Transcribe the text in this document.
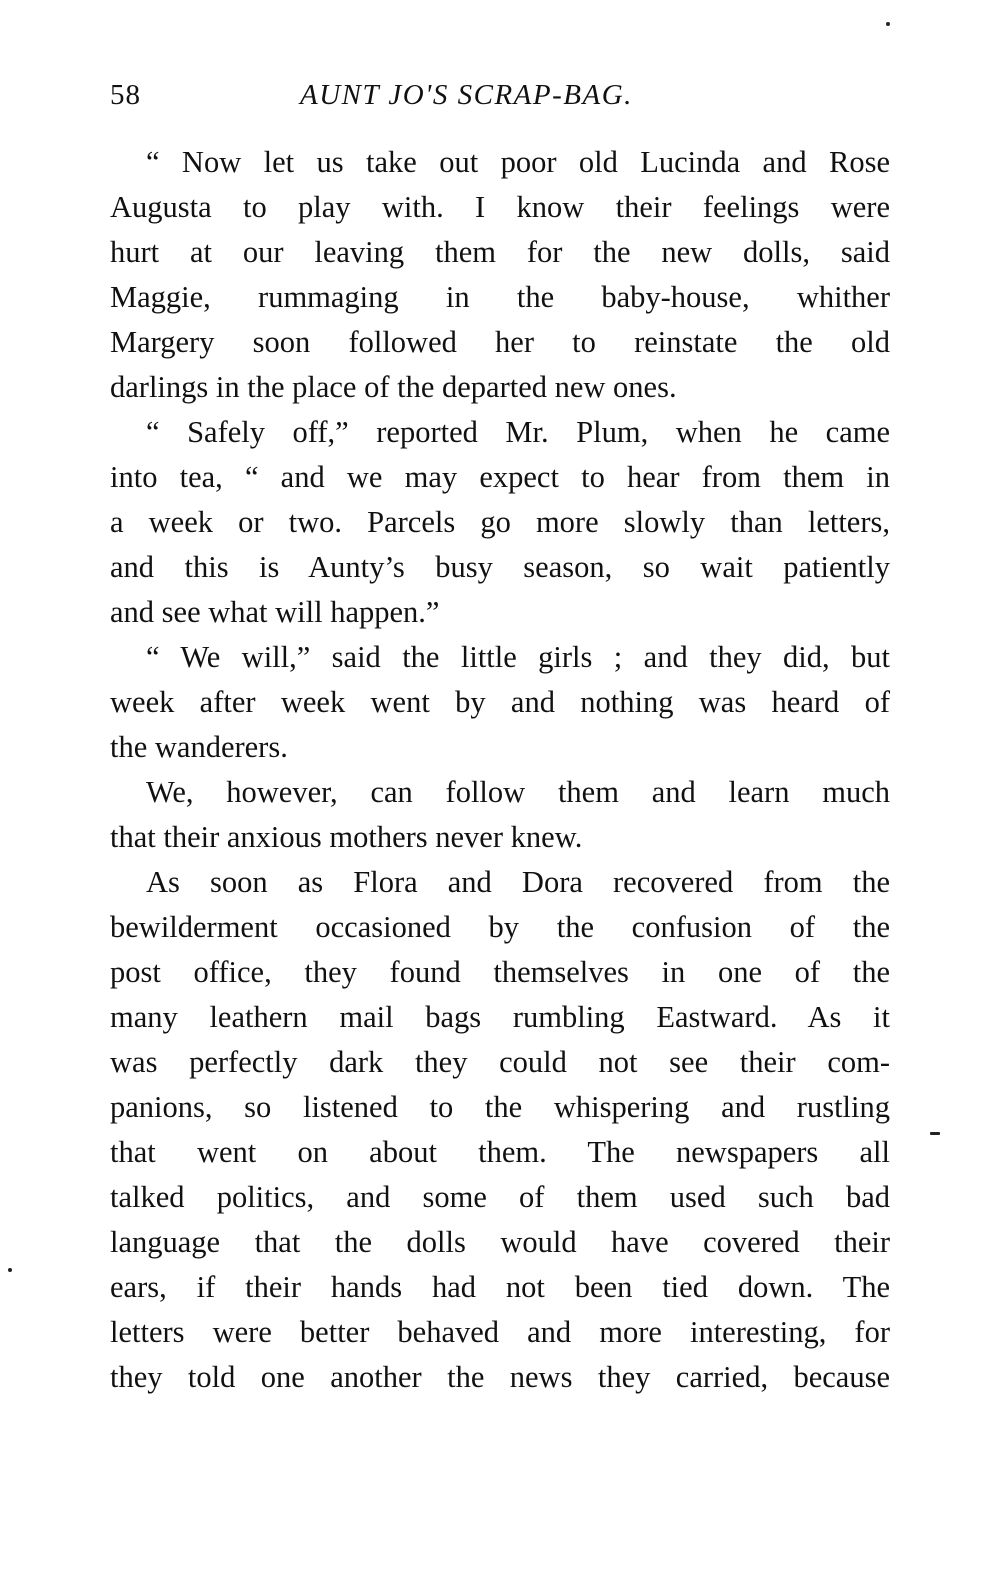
58	AUNT JO'S SCRAP-BAG.
“ Now let us take out poor old Lucinda and Rose
Augusta to play with. I know their feelings were
hurt at our leaving them for the new dolls, said
Maggie, rummaging in the baby-house, whither
Margery soon followed her to reinstate the old
darlings in the place of the departed new ones.
“ Safely off,” reported Mr. Plum, when he came
into tea, “ and we may expect to hear from them in
a week or two. Parcels go more slowly than letters,
and this is Aunty’s busy season, so wait patiently
and see what will happen.”
“ We will,” said the little girls ; and they did, but
week after week went by and nothing was heard of
the wanderers.
We, however, can follow them and learn much
that their anxious mothers never knew.
As soon as Flora and Dora recovered from the
bewilderment occasioned by the confusion of the
post office, they found themselves in one of the
many leathern mail bags rumbling Eastward. As it
was perfectly dark they could not see their com-
panions, so listened to the whispering and rustling
that went on about them. The newspapers all
talked politics, and some of them used such bad
language that the dolls would have covered their
ears, if their hands had not been tied down. The
letters were better behaved and more interesting, for
they told one another the news they carried, because
